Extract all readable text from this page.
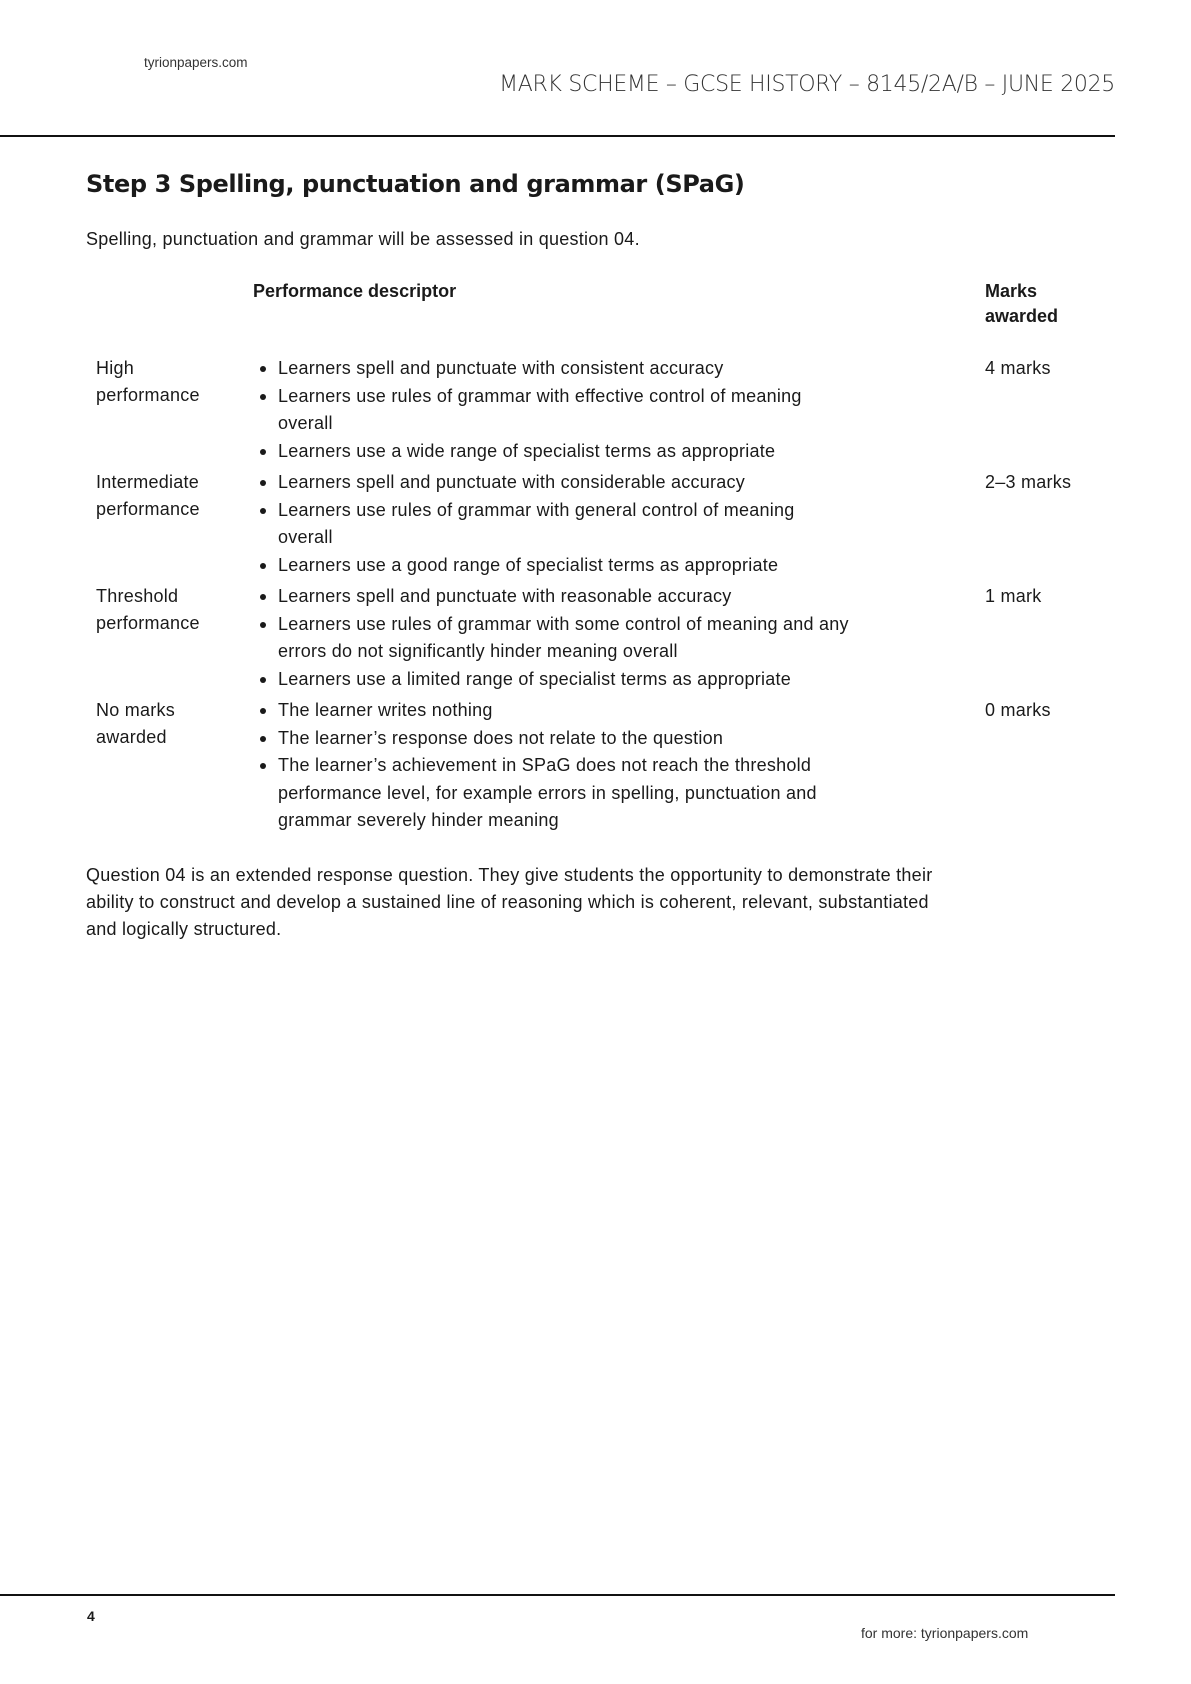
tyrionpapers.com
MARK SCHEME – GCSE HISTORY – 8145/2A/B – JUNE 2025
Step 3 Spelling, punctuation and grammar (SPaG)
Spelling, punctuation and grammar will be assessed in question 04.
Performance descriptor	Marks
awarded
High
performance
Learners spell and punctuate with consistent accuracy
Learners use rules of grammar with effective control of meaning
overall
Learners use a wide range of specialist terms as appropriate
4 marks
Intermediate
performance
Learners spell and punctuate with considerable accuracy
Learners use rules of grammar with general control of meaning
overall
Learners use a good range of specialist terms as appropriate
2–3 marks
Threshold
performance
Learners spell and punctuate with reasonable accuracy
Learners use rules of grammar with some control of meaning and any
errors do not significantly hinder meaning overall
Learners use a limited range of specialist terms as appropriate
1 mark
No marks
awarded
The learner writes nothing
The learner’s response does not relate to the question
The learner’s achievement in SPaG does not reach the threshold
performance level, for example errors in spelling, punctuation and
grammar severely hinder meaning
0 marks
Question 04 is an extended response question. They give students the opportunity to demonstrate their
ability to construct and develop a sustained line of reasoning which is coherent, relevant, substantiated
and logically structured.
4
for more: tyrionpapers.com
